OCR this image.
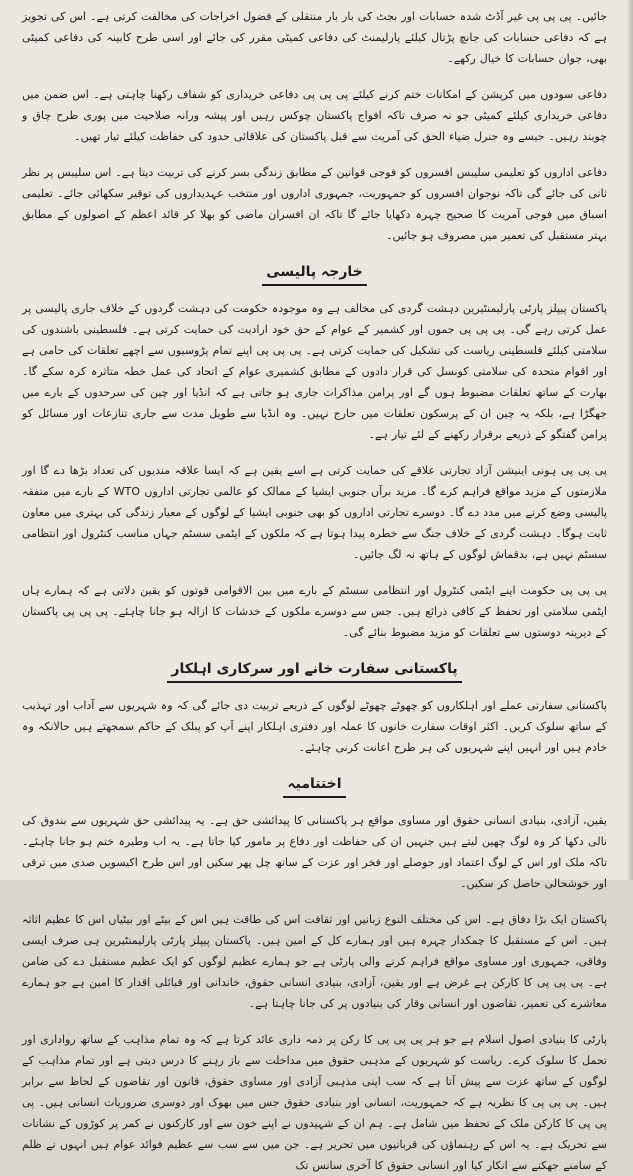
جائیں۔ پی پی پی غیر آڈٹ شدہ حسابات اور بجٹ کی بار بار منتقلی کے فضول اخراجات کی مخالفت کرتی ہے۔ اس کی تجویز ہے کہ دفاعی حسابات کی جانچ پڑتال کیلئے پارلیمنٹ کی دفاعی کمیٹی مقرر کی جائے اور اسی طرح کابینہ کی دفاعی کمیٹی بھی، جوان حسابات کا خیال رکھے۔

دفاعی سودوں میں کرپشن کے امکانات ختم کرنے کیلئے پی پی پی دفاعی خریداری کو شفاف رکھنا چاہتی ہے۔ اس ضمن میں دفاعی خریداری کیلئے کمیٹی جو نہ صرف تاکہ افواج پاکستان چوکس رہیں اور پیشہ ورانہ صلاحیت میں پوری طرح چاق و چوبند رہیں۔ جیسے وہ جنرل ضیاء الحق کی آمریت سے قبل پاکستان کی علاقائی حدود کی حفاظت کیلئے تیار تھیں۔

دفاعی اداروں کو تعلیمی سلیبس افسروں کو فوجی قوانین کے مطابق زندگی بسر کرنے کی تربیت دیتا ہے۔ اس سلیبس پر نظر ثانی کی جائے گی تاکہ نوجوان افسروں کو جمہوریت، جمہوری اداروں اور منتخب عہدیداروں کی توقیر سکھائی جائے۔ تعلیمی اسباق میں فوجی آمریت کا صحیح چہرہ دکھایا جائے گا تاکہ ان افسران ماضی کو بھلا کر قائد اعظم کے اصولوں کے مطابق بہتر مستقبل کی تعمیر میں مصروف ہو جائیں۔

خارجہ پالیسی

پاکستان پیپلز پارٹی پارلیمنٹیرین دہشت گردی کی مخالف ہے وہ موجودہ حکومت کی دہشت گردوں کے خلاف جاری پالیسی پر عمل کرتی رہے گی۔ پی پی پی جموں اور کشمیر کے عوام کے حق خود ارادیت کی حمایت کرتی ہے۔ فلسطینی باشندوں کی سلامتی کیلئے فلسطینی ریاست کی تشکیل کی حمایت کرتی ہے۔ پی پی پی اپنے تمام پڑوسیوں سے اچھے تعلقات کی حامی ہے اور اقوام متحدہ کی سلامتی کونسل کی قرار دادوں کے مطابق کشمیری عوام کے اتحاد کی عمل خطہ متاثرہ کرہ سکے گا۔ بھارت کے ساتھ تعلقات مضبوط ہوں گے اور پرامن مذاکرات جاری ہو جاتی ہے کہ انڈیا اور چین کی سرحدوں کے بارے میں جھگڑا ہے، بلکہ یہ چین ان کے پرسکون تعلقات میں حارج نہیں۔ وہ انڈیا سے طویل مدت سے جاری تنازعات اور مسائل کو پرامن گفتگو کے ذریعے برقرار رکھنے کے لئے تیار ہے۔

پی پی پی ہونی اینیشن آزاد تجارتی علاقے کی حمایت کرتی ہے اسے یقین ہے کہ ایسا علاقہ مندیوں کی تعداد بڑھا دے گا اور ملازمتوں کے مزید مواقع فراہم کرے گا۔ مزید برآں جنوبی ایشیا کے ممالک کو عالمی تجارتی اداروں WTO کے بارے میں متفقہ پالیسی وضع کرنے میں مدد دے گا۔ دوسرے تجارتی اداروں کو بھی جنوبی ایشیا کے لوگوں کے معیار زندگی کی بہتری میں معاون ثابت ہوگا۔ دہشت گردی کے خلاف جنگ سے خطرہ پیدا ہوتا ہے کہ ملکوں کے ایٹمی سسٹم جہاں مناسب کنٹرول اور انتظامی سسٹم نہیں ہے، بدقماش لوگوں کے ہاتھ نہ لگ جائیں۔

پی پی پی حکومت اپنے ایٹمی کنٹرول اور انتظامی سسٹم کے بارے میں بین الاقوامی قوتوں کو یقین دلاتی ہے کہ ہمارے ہاں ایٹمی سلامتی اور تحفظ کے کافی ذرائع ہیں۔ جس سے دوسرے ملکوں کے خدشات کا ازالہ ہو جانا چاہئے۔ پی پی پی پاکستان کے دیرینہ دوستوں سے تعلقات کو مزید مضبوط بنائے گی۔

پاکستانی سفارت خانے اور سرکاری اہلکار

پاکستانی سفارتی عملے اور اہلکاروں کو چھوٹے چھوٹے لوگوں کے ذریعے تربیت دی جائے گی کہ وہ شہریوں سے آداب اور تہذیب کے ساتھ سلوک کریں۔ اکثر اوقات سفارت خانوں کا عملہ اور دفتری اہلکار اپنے آپ کو پبلک کے حاکم سمجھتے ہیں حالانکہ وہ خادم ہیں اور انہیں اپنے شہریوں کی ہر طرح اعانت کرنی چاہئے۔

اختتامیہ

یقین، آزادی، بنیادی انسانی حقوق اور مساوی مواقع ہر پاکستانی کا پیدائشی حق ہے۔ یہ پیدائشی حق شہریوں سے بندوق کی نالی دکھا کر وہ لوگ چھین لیتے ہیں جنہیں ان کی حفاظت اور دفاع پر مامور کیا جاتا ہے۔ یہ اب وطیرہ ختم ہو جانا چاہئے۔ تاکہ ملک اور اس کے لوگ اعتماد اور حوصلے اور فخر اور عزت کے ساتھ چل پھر سکیں اور اس طرح اکیسویں صدی میں ترقی اور خوشحالی حاصل کر سکیں۔

پاکستان ایک بڑا دفاق ہے۔ اس کی مختلف النوع زبانیں اور ثقافت اس کی طاقت ہیں اس کے بیٹے اور بیٹیاں اس کا عظیم اثاثہ ہیں۔ اس کے مستقبل کا چمکدار چہرہ ہیں اور ہمارے کل کے امین ہیں۔ پاکستان پیپلز پارٹی پارلیمنٹیرین ہی صرف ایسی وفاقی، جمہوری اور مساوی مواقع فراہم کرنے والی پارٹی ہے جو ہمارے عظیم لوگوں کو ایک عظیم مستقبل دے کی ضامن ہے۔ پی پی پی کا کارکن ہے غرض ہے اور یقین، آزادی، بنیادی انسانی حقوق، خاندانی اور قبائلی اقدار کا امین ہے جو ہمارے معاشرے کی تعمیر، تقاضوں اور انسانی وقار کی بنیادوں پر کی جانا چاہتا ہے۔

پارٹی کا بنیادی اصول اسلام ہے جو ہر پی پی پی کا رکن پر ذمہ داری عائد کرتا ہے کہ وہ تمام مذاہب کے ساتھ رواداری اور تحمل کا سلوک کرے۔ ریاست کو شہریوں کے مذہبی حقوق میں مداخلت سے باز رہنے کا درس دیتی ہے اور تمام مذاہب کے لوگوں کے ساتھ عزت سے پیش آتا ہے کہ سب اپنی مذہبی آزادی اور مساوی حقوق، قانون اور تقاضوں کے لحاظ سے برابر ہیں۔ پی پی پی کا نظریہ ہے کہ جمہوریت، انسانی اور بنیادی حقوق جس میں بھوک اور دوسری ضروریات انسانی ہیں۔ پی پی پی کا کارکن ملک کے تحفظ میں شامل ہے۔ ہم ان کے شہیدوں نے اپنے خون سے اور کارکنوں نے کمر پر کوڑوں کے نشانات سے تحریک ہے۔ یہ اس کے رہنماؤں کی قربانیوں میں تحریر ہے۔ جن میں سے سب سے عظیم فوائد عوام ہیں انہوں نے ظلم کے سامنے جھکنے سے انکار کیا اور انسانی حقوق کا آخری سانس تک
